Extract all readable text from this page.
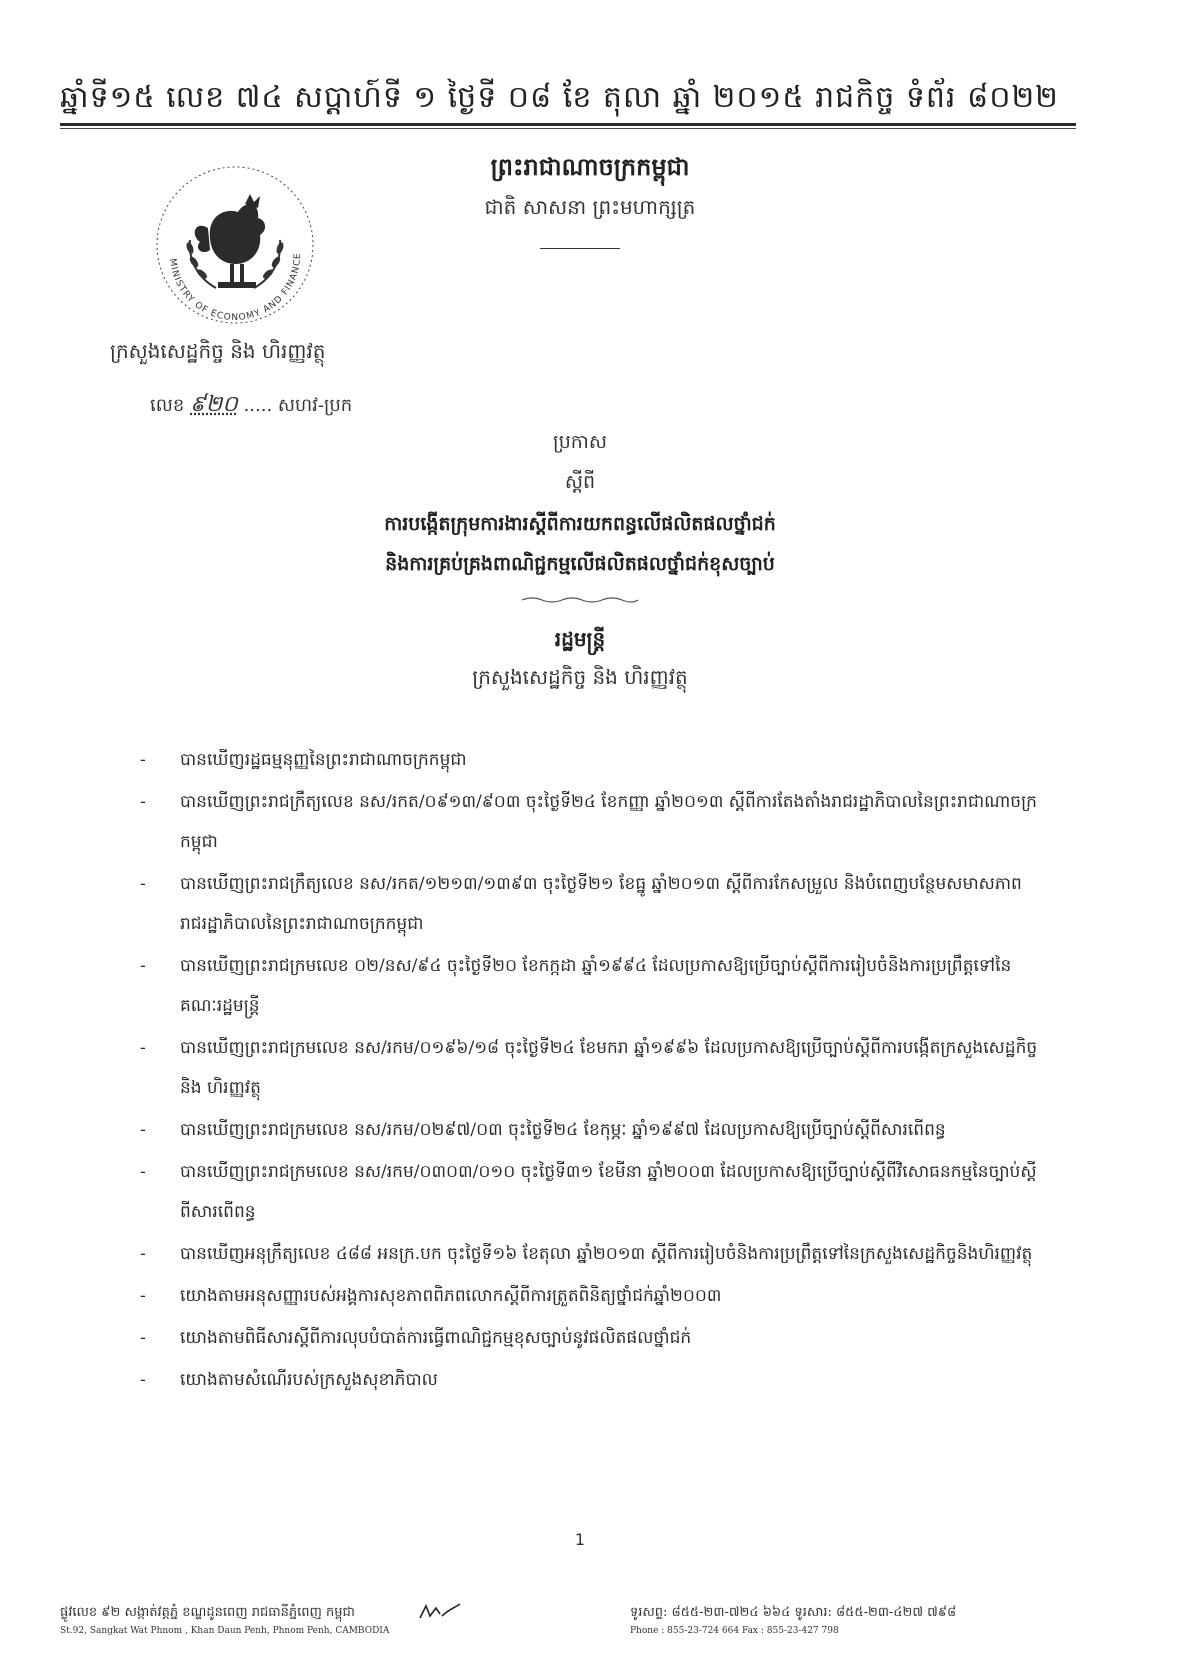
ឆ្នាំទី១៥ លេខ ៧៤ សប្តាហ៍ទី ១ ថ្ងៃទី ០៨ ខែ តុលា ឆ្នាំ ២០១៥ រាជកិច្ច ទំព័រ ៨០២២
ព្រះរាជាណាចក្រកម្ពុជា
ជាតិ សាសនា ព្រះមហាក្សត្រ
MINISTRY OF ECONOMY AND FINANCE
ក្រសួងសេដ្ឋកិច្ច និង ហិរញ្ញវត្ថុ
លេខ ៩២០ ..... សហវ-ប្រក
ប្រកាស
ស្តីពី
ការបង្កើតក្រុមការងារស្តីពីការយកពន្ធលើផលិតផលថ្នាំជក់
និងការគ្រប់គ្រងពាណិជ្ជកម្មលើផលិតផលថ្នាំជក់ខុសច្បាប់
រដ្ឋមន្ត្រី
ក្រសួងសេដ្ឋកិច្ច និង ហិរញ្ញវត្ថុ
- បានឃើញរដ្ឋធម្មនុញ្ញនៃព្រះរាជាណាចក្រកម្ពុជា
- បានឃើញព្រះរាជក្រឹត្យលេខ នស/រកត/០៩១៣/៩០៣ ចុះថ្ងៃទី២៤ ខែកញ្ញា ឆ្នាំ២០១៣ ស្តីពីការតែងតាំងរាជរដ្ឋាភិបាលនៃព្រះរាជាណាចក្រកម្ពុជា
- បានឃើញព្រះរាជក្រឹត្យលេខ នស/រកត/១២១៣/១៣៩៣ ចុះថ្ងៃទី២១ ខែធ្នូ ឆ្នាំ២០១៣ ស្តីពីការកែសម្រួល និងបំពេញបន្ថែមសមាសភាពរាជរដ្ឋាភិបាលនៃព្រះរាជាណាចក្រកម្ពុជា
- បានឃើញព្រះរាជក្រមលេខ ០២/នស/៩៤ ចុះថ្ងៃទី២០ ខែកក្កដា ឆ្នាំ១៩៩៤ ដែលប្រកាសឱ្យប្រើច្បាប់ស្តីពីការរៀបចំនិងការប្រព្រឹត្តទៅនៃគណៈរដ្ឋមន្ត្រី
- បានឃើញព្រះរាជក្រមលេខ នស/រកម/០១៩៦/១៨ ចុះថ្ងៃទី២៤ ខែមករា ឆ្នាំ១៩៩៦ ដែលប្រកាសឱ្យប្រើច្បាប់ស្តីពីការបង្កើតក្រសួងសេដ្ឋកិច្ច និង ហិរញ្ញវត្ថុ
- បានឃើញព្រះរាជក្រមលេខ នស/រកម/០២៩៧/០៣ ចុះថ្ងៃទី២៤ ខែកុម្ភៈ ឆ្នាំ១៩៩៧ ដែលប្រកាសឱ្យប្រើច្បាប់ស្តីពីសារពើពន្ធ
- បានឃើញព្រះរាជក្រមលេខ នស/រកម/០៣០៣/០១០ ចុះថ្ងៃទី៣១ ខែមីនា ឆ្នាំ២០០៣ ដែលប្រកាសឱ្យប្រើច្បាប់ស្តីពីវិសោធនកម្មនៃច្បាប់ស្តីពីសារពើពន្ធ
- បានឃើញអនុក្រឹត្យលេខ ៤៨៨ អនក្រ.បក ចុះថ្ងៃទី១៦ ខែតុលា ឆ្នាំ២០១៣ ស្តីពីការរៀបចំនិងការប្រព្រឹត្តទៅនៃក្រសួងសេដ្ឋកិច្ចនិងហិរញ្ញវត្ថុ
- យោងតាមអនុសញ្ញារបស់អង្គការសុខភាពពិភពលោកស្តីពីការត្រួតពិនិត្យថ្នាំជក់ឆ្នាំ២០០៣
- យោងតាមពិធីសារស្តីពីការលុបបំបាត់ការធ្វើពាណិជ្ជកម្មខុសច្បាប់នូវផលិតផលថ្នាំជក់
- យោងតាមសំណើរបស់ក្រសួងសុខាភិបាល
1
ផ្លូវលេខ ៩២ សង្កាត់វត្តភ្នំ ខណ្ឌដូនពេញ រាជធានីភ្នំពេញ កម្ពុជា
St.92, Sangkat Wat Phnom , Khan Daun Penh, Phnom Penh, CAMBODIA
ទូរសព្ទ: ៨៥៥-២៣-៧២៤ ៦៦៤ ទូរសារ: ៨៥៥-២៣-៤២៧ ៧៩៨
Phone : 855-23-724 664 Fax : 855-23-427 798
